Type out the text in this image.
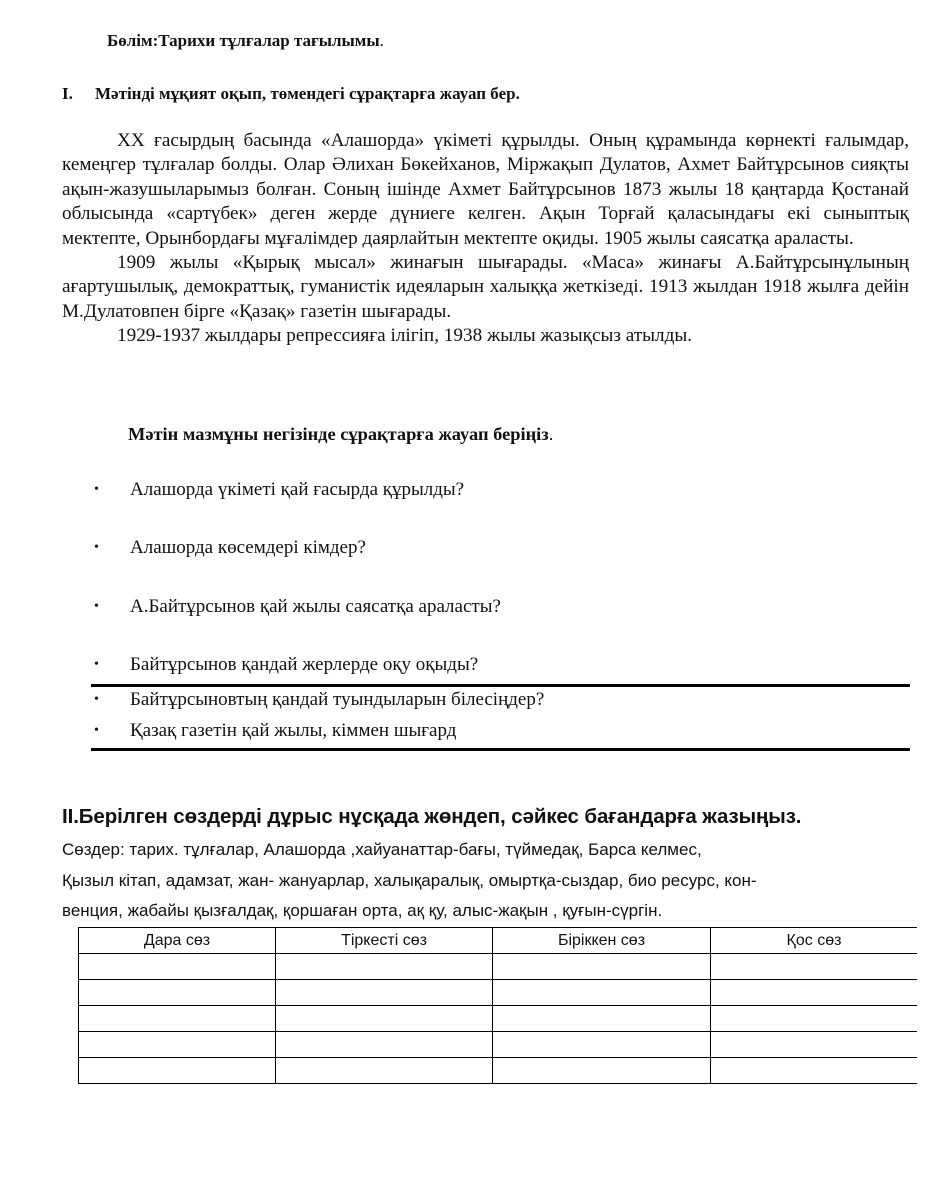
Бөлім:Тарихи тұлғалар тағылымы.
I. Мәтінді мұқият оқып, төмендегі сұрақтарға жауап бер.

ХХ ғасырдың басында «Алашорда» үкіметі құрылды. Оның құрамында көрнекті ғалымдар, кемеңгер тұлғалар болды. Олар Әлихан Бөкейханов, Міржақып Дулатов, Ахмет Байтұрсынов сияқты ақын-жазушыларымыз болған. Соның ішінде Ахмет Байтұрсынов 1873 жылы 18 қаңтарда Қостанай облысында «сартүбек» деген жерде дүниеге келген. Ақын Торғай қаласындағы екі сыныптық мектепте, Орынбордағы мұғалімдер даярлайтын мектепте оқиды. 1905 жылы саясатқа араласты.

1909 жылы «Қырық мысал» жинағын шығарады. «Маса» жинағы А.Байтұрсынұлының ағартушылық, демократтық, гуманистік идеяларын халыққа жеткізеді. 1913 жылдан 1918 жылға дейін М.Дулатовпен бірге «Қазақ» газетін шығарады.

1929-1937 жылдары репрессияға ілігіп, 1938 жылы жазықсыз атылды.

Мәтін мазмұны негізінде сұрақтарға жауап беріңіз.
•	Алашорда үкіметі қай ғасырда құрылды?
•	Алашорда көсемдері кімдер?
•	А.Байтұрсынов қай жылы саясатқа араласты?
•	Байтұрсынов қандай жерлерде оқу оқыды?
•	Байтұрсыновтың қандай туындыларын білесіңдер?
•	Қазақ газетін қай жылы, кіммен шығард
II.Берілген сөздерді дұрыс нұсқада жөндеп, сәйкес бағандарға жазыңыз.
Сөздер: тарих. тұлғалар, Алашорда ,хайуанаттар-бағы, түймедақ, Барса келмес,
Қызыл кітап, адамзат, жан- жануарлар, халықаралық, омыртқа-сыздар, био ресурс, кон-
венция, жабайы қызғалдақ, қоршаған орта, ақ қу, алыс-жақын , қуғын-сүргін.
Дара сөз	Тіркесті сөз	Біріккен сөз	Қос сөз
